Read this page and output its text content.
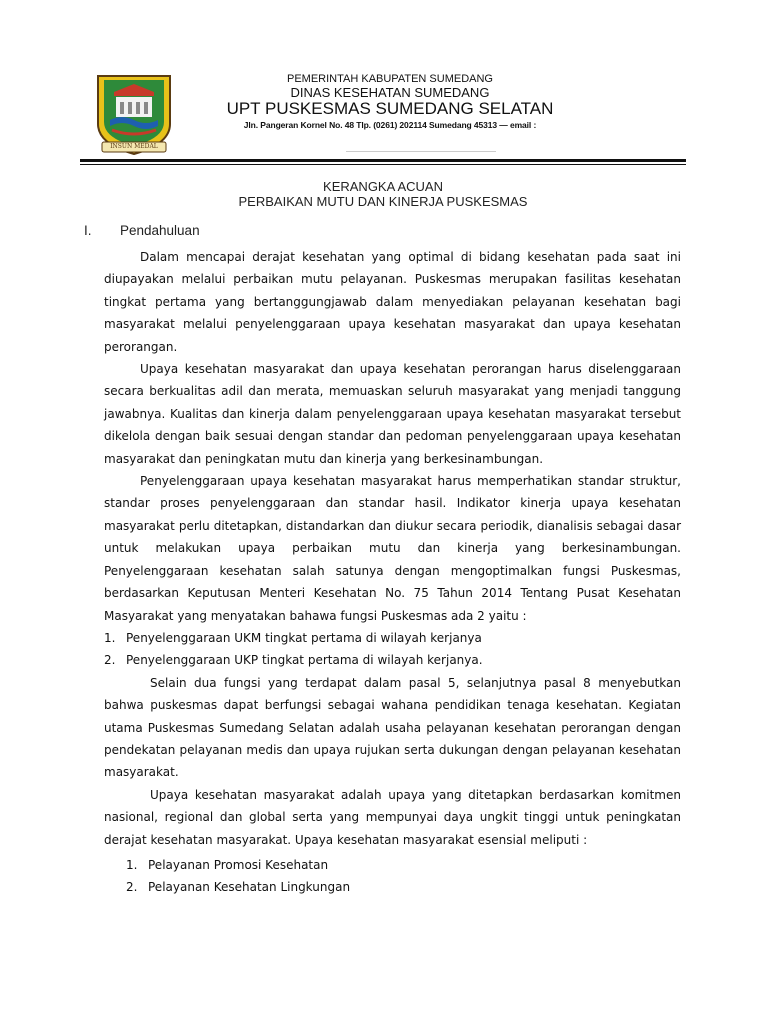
INSUN MEDAL
PEMERINTAH KABUPATEN SUMEDANG
DINAS KESEHATAN SUMEDANG
UPT PUSKESMAS SUMEDANG SELATAN
Jln. Pangeran Kornel No. 48 Tlp. (0261) 202114 Sumedang 45313 — email :
KERANGKA ACUAN
PERBAIKAN MUTU DAN KINERJA PUSKESMAS
I. Pendahuluan

Dalam mencapai derajat kesehatan yang optimal di bidang kesehatan pada saat ini diupayakan melalui perbaikan mutu pelayanan. Puskesmas merupakan fasilitas kesehatan tingkat pertama yang bertanggungjawab dalam menyediakan pelayanan kesehatan bagi masyarakat melalui penyelenggaraan upaya kesehatan masyarakat dan upaya kesehatan perorangan.

Upaya kesehatan masyarakat dan upaya kesehatan perorangan harus diselenggaraan secara berkualitas adil dan merata, memuaskan seluruh masyarakat yang menjadi tanggung jawabnya. Kualitas dan kinerja dalam penyelenggaraan upaya kesehatan masyarakat tersebut dikelola dengan baik sesuai dengan standar dan pedoman penyelenggaraan upaya kesehatan masyarakat dan peningkatan mutu dan kinerja yang berkesinambungan.

Penyelenggaraan upaya kesehatan masyarakat harus memperhatikan standar struktur, standar proses penyelenggaraan dan standar hasil. Indikator kinerja upaya kesehatan masyarakat perlu ditetapkan, distandarkan dan diukur secara periodik, dianalisis sebagai dasar untuk melakukan upaya perbaikan mutu dan kinerja yang berkesinambungan. Penyelenggaraan kesehatan salah satunya dengan mengoptimalkan fungsi Puskesmas, berdasarkan Keputusan Menteri Kesehatan No. 75 Tahun 2014 Tentang Pusat Kesehatan Masyarakat yang menyatakan bahawa fungsi Puskesmas ada 2 yaitu :

1. Penyelenggaraan UKM tingkat pertama di wilayah kerjanya
2. Penyelenggaraan UKP tingkat pertama di wilayah kerjanya.

Selain dua fungsi yang terdapat dalam pasal 5, selanjutnya pasal 8 menyebutkan bahwa puskesmas dapat berfungsi sebagai wahana pendidikan tenaga kesehatan. Kegiatan utama Puskesmas Sumedang Selatan adalah usaha pelayanan kesehatan perorangan dengan pendekatan pelayanan medis dan upaya rujukan serta dukungan dengan pelayanan kesehatan masyarakat.

Upaya kesehatan masyarakat adalah upaya yang ditetapkan berdasarkan komitmen nasional, regional dan global serta yang mempunyai daya ungkit tinggi untuk peningkatan derajat kesehatan masyarakat. Upaya kesehatan masyarakat esensial meliputi :

1. Pelayanan Promosi Kesehatan
2. Pelayanan Kesehatan Lingkungan
